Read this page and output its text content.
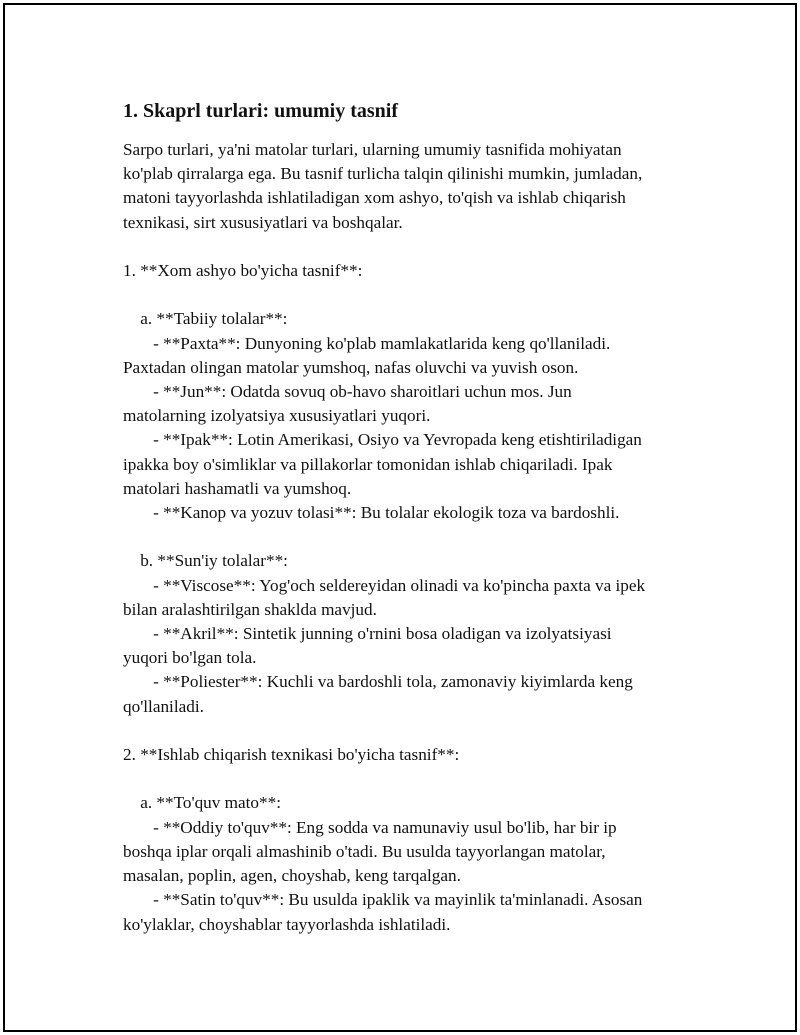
1. Skaprl turlari: umumiy tasnif
Sarpo turlari, ya'ni matolar turlari, ularning umumiy tasnifida mohiyatan
ko'plab qirralarga ega. Bu tasnif turlicha talqin qilinishi mumkin, jumladan,
matoni tayyorlashda ishlatiladigan xom ashyo, to'qish va ishlab chiqarish
texnikasi, sirt xususiyatlari va boshqalar.

1. **Xom ashyo bo'yicha tasnif**:

a. **Tabiiy tolalar**:
- **Paxta**: Dunyoning ko'plab mamlakatlarida keng qo'llaniladi.
Paxtadan olingan matolar yumshoq, nafas oluvchi va yuvish oson.
- **Jun**: Odatda sovuq ob-havo sharoitlari uchun mos. Jun
matolarning izolyatsiya xususiyatlari yuqori.
- **Ipak**: Lotin Amerikasi, Osiyo va Yevropada keng etishtiriladigan
ipakka boy o'simliklar va pillakorlar tomonidan ishlab chiqariladi. Ipak
matolari hashamatli va yumshoq.
- **Kanop va yozuv tolasi**: Bu tolalar ekologik toza va bardoshli.

b. **Sun'iy tolalar**:
- **Viscose**: Yog'och seldereyidan olinadi va ko'pincha paxta va ipek
bilan aralashtirilgan shaklda mavjud.
- **Akril**: Sintetik junning o'rnini bosa oladigan va izolyatsiyasi
yuqori bo'lgan tola.
- **Poliester**: Kuchli va bardoshli tola, zamonaviy kiyimlarda keng
qo'llaniladi.

2. **Ishlab chiqarish texnikasi bo'yicha tasnif**:

a. **To'quv mato**:
- **Oddiy to'quv**: Eng sodda va namunaviy usul bo'lib, har bir ip
boshqa iplar orqali almashinib o'tadi. Bu usulda tayyorlangan matolar,
masalan, poplin, agen, choyshab, keng tarqalgan.
- **Satin to'quv**: Bu usulda ipaklik va mayinlik ta'minlanadi. Asosan
ko'ylaklar, choyshablar tayyorlashda ishlatiladi.
